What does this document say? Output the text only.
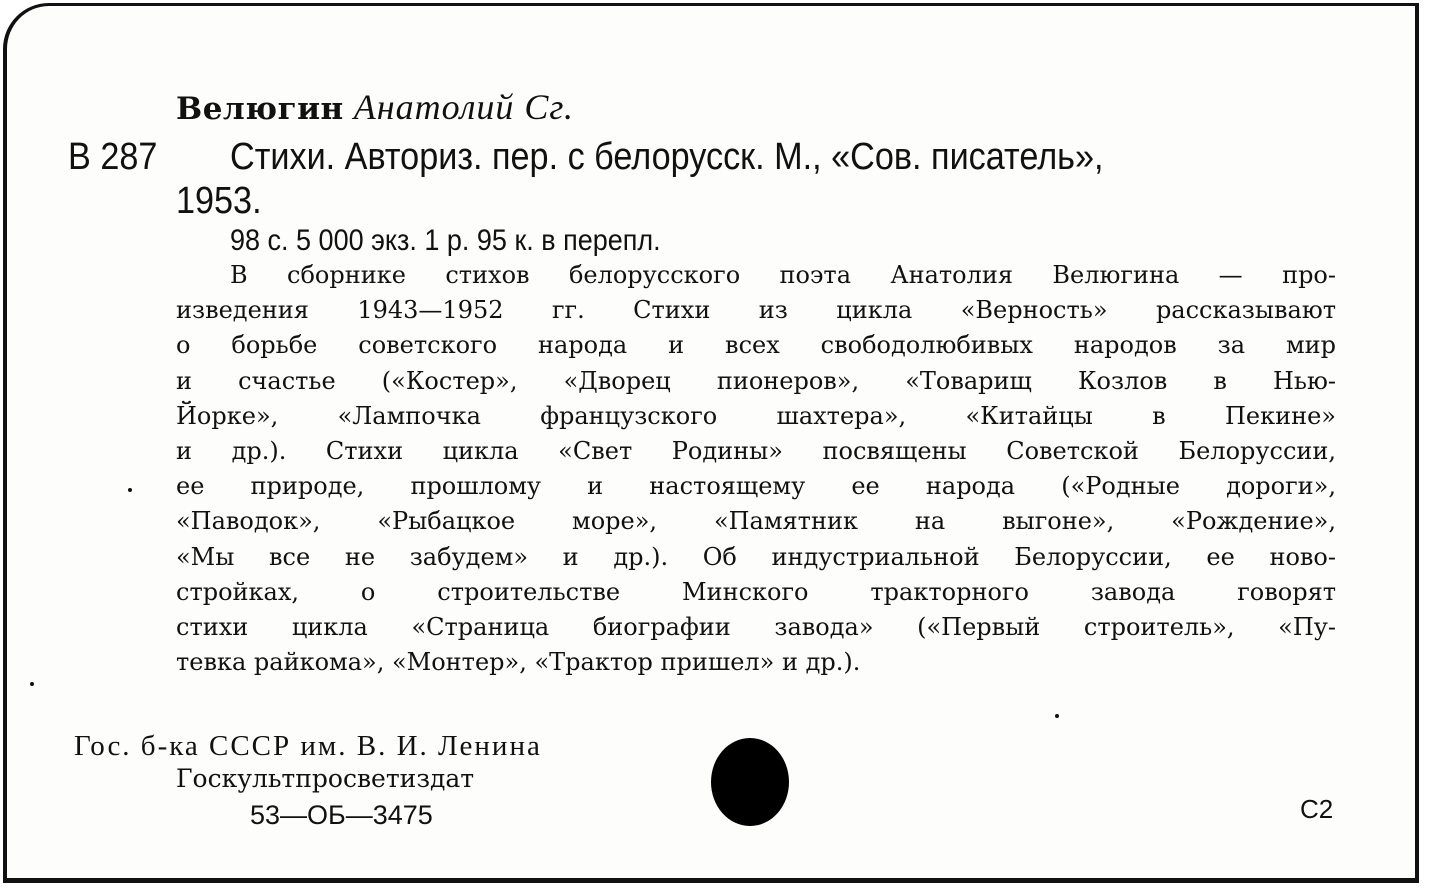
Велюгин Анатолий Сг.
В 287 Стихи. Авториз. пер. с белорусск. М., «Сов. писатель»,
1953.
98 с. 5 000 экз. 1 р. 95 к. в перепл.
В сборнике стихов белорусского поэта Анатолия Велюгина — про-
изведения 1943—1952 гг. Стихи из цикла «Верность» рассказывают
о борьбе советского народа и всех свободолюбивых народов за мир
и счастье («Костер», «Дворец пионеров», «Товарищ Козлов в Нью-
Йорке», «Лампочка французского шахтера», «Китайцы в Пекине»
и др.). Стихи цикла «Свет Родины» посвящены Советской Белоруссии,
ее природе, прошлому и настоящему ее народа («Родные дороги»,
«Паводок», «Рыбацкое море», «Памятник на выгоне», «Рождение»,
«Мы все не забудем» и др.). Об индустриальной Белоруссии, ее ново-
стройках, о строительстве Минского тракторного завода говорят
стихи цикла «Страница биографии завода» («Первый строитель», «Пу-
тевка райкома», «Монтер», «Трактор пришел» и др.).
Гос. б-ка СССР им. В. И. Ленина
Госкультпросветиздат
53—ОБ—3475	С2
